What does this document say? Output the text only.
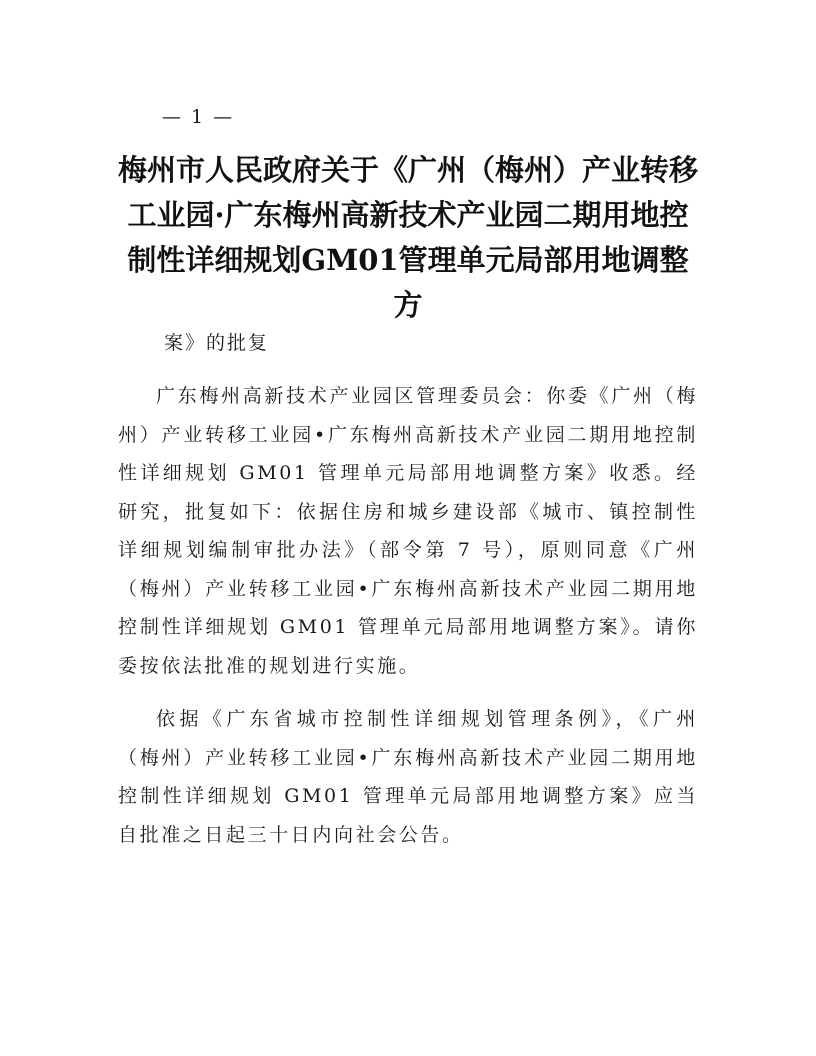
— 1 —
梅州市人民政府关于《广州（梅州）产业转移工业园·广东梅州高新技术产业园二期用地控制性详细规划GM01管理单元局部用地调整方
案》的批复

广东梅州高新技术产业园区管理委员会：你委《广州（梅州）产业转移工业园•广东梅州高新技术产业园二期用地控制性详细规划 GM01 管理单元局部用地调整方案》收悉。经研究，批复如下：依据住房和城乡建设部《城市、镇控制性详细规划编制审批办法》（部令第 7 号），原则同意《广州（梅州）产业转移工业园•广东梅州高新技术产业园二期用地控制性详细规划 GM01 管理单元局部用地调整方案》。请你委按依法批准的规划进行实施。

依据《广东省城市控制性详细规划管理条例》，《广州（梅州）产业转移工业园•广东梅州高新技术产业园二期用地控制性详细规划 GM01 管理单元局部用地调整方案》应当自批准之日起三十日内向社会公告。
